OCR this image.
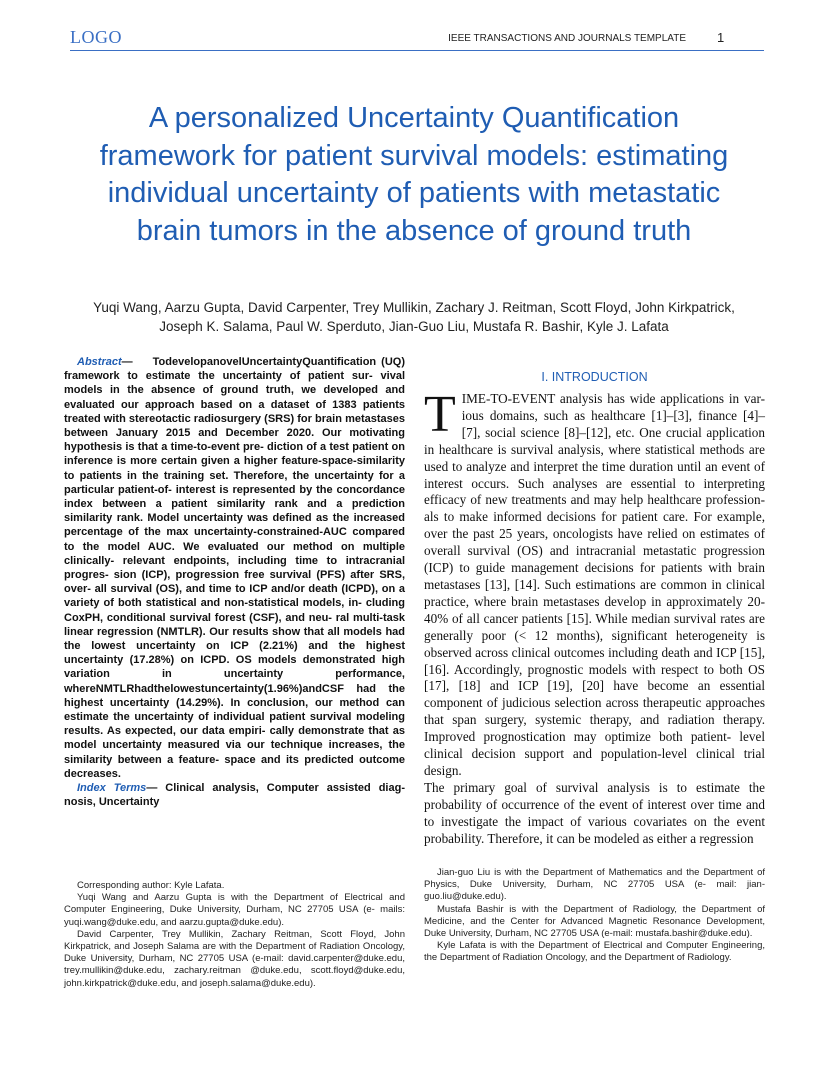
LOGO	IEEE TRANSACTIONS AND JOURNALS TEMPLATE 1
A personalized Uncertainty Quantification framework for patient survival models: estimating individual uncertainty of patients with metastatic brain tumors in the absence of ground truth

Yuqi Wang, Aarzu Gupta, David Carpenter, Trey Mullikin, Zachary J. Reitman, Scott Floyd, John Kirkpatrick, Joseph K. Salama, Paul W. Sperduto, Jian-Guo Liu, Mustafa R. Bashir, Kyle J. Lafata

Abstract— TodevelopanovelUncertaintyQuantification (UQ) framework to estimate the uncertainty of patient sur- vival models in the absence of ground truth, we developed and evaluated our approach based on a dataset of 1383 patients treated with stereotactic radiosurgery (SRS) for brain metastases between January 2015 and December 2020. Our motivating hypothesis is that a time-to-event pre- diction of a test patient on inference is more certain given a higher feature-space-similarity to patients in the training set. Therefore, the uncertainty for a particular patient-of- interest is represented by the concordance index between a patient similarity rank and a prediction similarity rank. Model uncertainty was defined as the increased percentage of the max uncertainty-constrained-AUC compared to the model AUC. We evaluated our method on multiple clinically- relevant endpoints, including time to intracranial progres- sion (ICP), progression free survival (PFS) after SRS, over- all survival (OS), and time to ICP and/or death (ICPD), on a variety of both statistical and non-statistical models, in- cluding CoxPH, conditional survival forest (CSF), and neu- ral multi-task linear regression (NMTLR). Our results show that all models had the lowest uncertainty on ICP (2.21%) and the highest uncertainty (17.28%) on ICPD. OS models demonstrated high variation in uncertainty performance, whereNMTLRhadthelowestuncertainty(1.96%)andCSF had the highest uncertainty (14.29%). In conclusion, our method can estimate the uncertainty of individual patient survival modeling results. As expected, our data empiri- cally demonstrate that as model uncertainty measured via our technique increases, the similarity between a feature- space and its predicted outcome decreases.

Index Terms— Clinical analysis, Computer assisted diag- nosis, Uncertainty

I. INTRODUCTION

TIME-TO-EVENT analysis has wide applications in var- ious domains, such as healthcare [1]–[3], finance [4]– [7], social science [8]–[12], etc. One crucial application in healthcare is survival analysis, where statistical methods are used to analyze and interpret the time duration until an event of interest occurs. Such analyses are essential to interpreting efficacy of new treatments and may help healthcare profession- als to make informed decisions for patient care. For example, over the past 25 years, oncologists have relied on estimates of overall survival (OS) and intracranial metastatic progression (ICP) to guide management decisions for patients with brain metastases [13], [14]. Such estimations are common in clinical practice, where brain metastases develop in approximately 20- 40% of all cancer patients [15]. While median survival rates are generally poor (< 12 months), significant heterogeneity is observed across clinical outcomes including death and ICP [15], [16]. Accordingly, prognostic models with respect to both OS [17], [18] and ICP [19], [20] have become an essential component of judicious selection across therapeutic approaches that span surgery, systemic therapy, and radiation therapy. Improved prognostication may optimize both patient- level clinical decision support and population-level clinical trial design.

The primary goal of survival analysis is to estimate the probability of occurrence of the event of interest over time and to investigate the impact of various covariates on the event probability. Therefore, it can be modeled as either a regression

Corresponding author: Kyle Lafata.

Yuqi Wang and Aarzu Gupta is with the Department of Electrical and Computer Engineering, Duke University, Durham, NC 27705 USA (e- mails: yuqi.wang@duke.edu, and aarzu.gupta@duke.edu).

David Carpenter, Trey Mullikin, Zachary Reitman, Scott Floyd, John Kirkpatrick, and Joseph Salama are with the Department of Radiation Oncology, Duke University, Durham, NC 27705 USA (e-mail: david.carpenter@duke.edu, trey.mullikin@duke.edu, zachary.reitman @duke.edu, scott.floyd@duke.edu, john.kirkpatrick@duke.edu, and joseph.salama@duke.edu).

Jian-guo Liu is with the Department of Mathematics and the Department of Physics, Duke University, Durham, NC 27705 USA (e- mail: jian-guo.liu@duke.edu).

Mustafa Bashir is with the Department of Radiology, the Department of Medicine, and the Center for Advanced Magnetic Resonance Development, Duke University, Durham, NC 27705 USA (e-mail: mustafa.bashir@duke.edu).

Kyle Lafata is with the Department of Electrical and Computer Engineering, the Department of Radiation Oncology, and the Department of Radiology.
